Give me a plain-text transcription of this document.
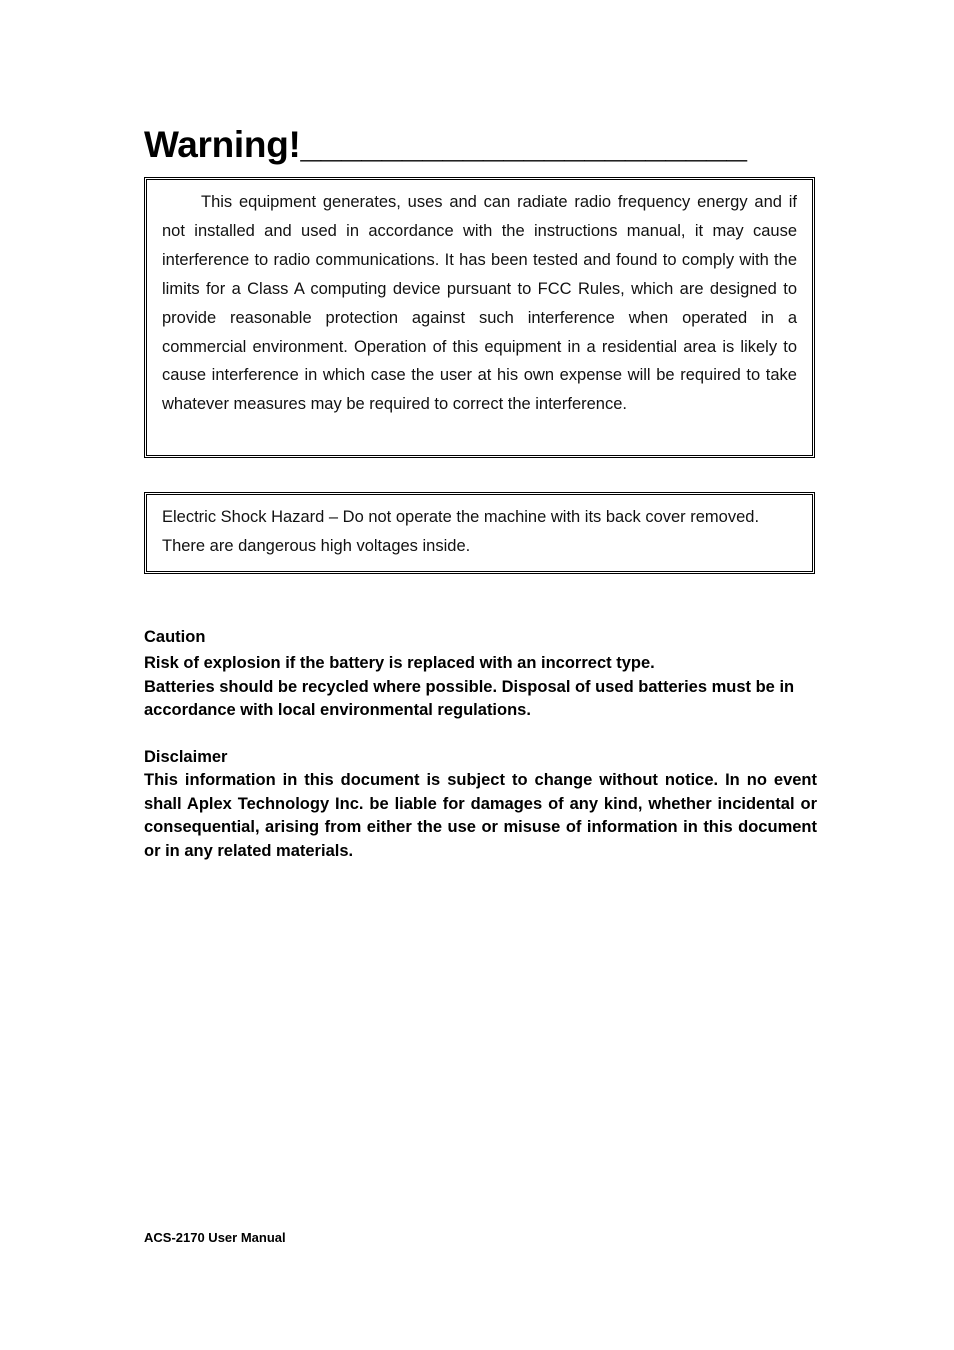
Warning!______________________

This equipment generates, uses and can radiate radio frequency energy and if not installed and used in accordance with the instructions manual, it may cause interference to radio communications. It has been tested and found to comply with the limits for a Class A computing device pursuant to FCC Rules, which are designed to provide reasonable protection against such interference when operated in a commercial environment. Operation of this equipment in a residential area is likely to cause interference in which case the user at his own expense will be required to take whatever measures may be required to correct the interference.

Electric Shock Hazard – Do not operate the machine with its back cover removed.
There are dangerous high voltages inside.

Caution

Risk of explosion if the battery is replaced with an incorrect type.

Batteries should be recycled where possible. Disposal of used batteries must be in accordance with local environmental regulations.

Disclaimer

This information in this document is subject to change without notice. In no event shall Aplex Technology Inc. be liable for damages of any kind, whether incidental or consequential, arising from either the use or misuse of information in this document or in any related materials.

ACS-2170 User Manual
